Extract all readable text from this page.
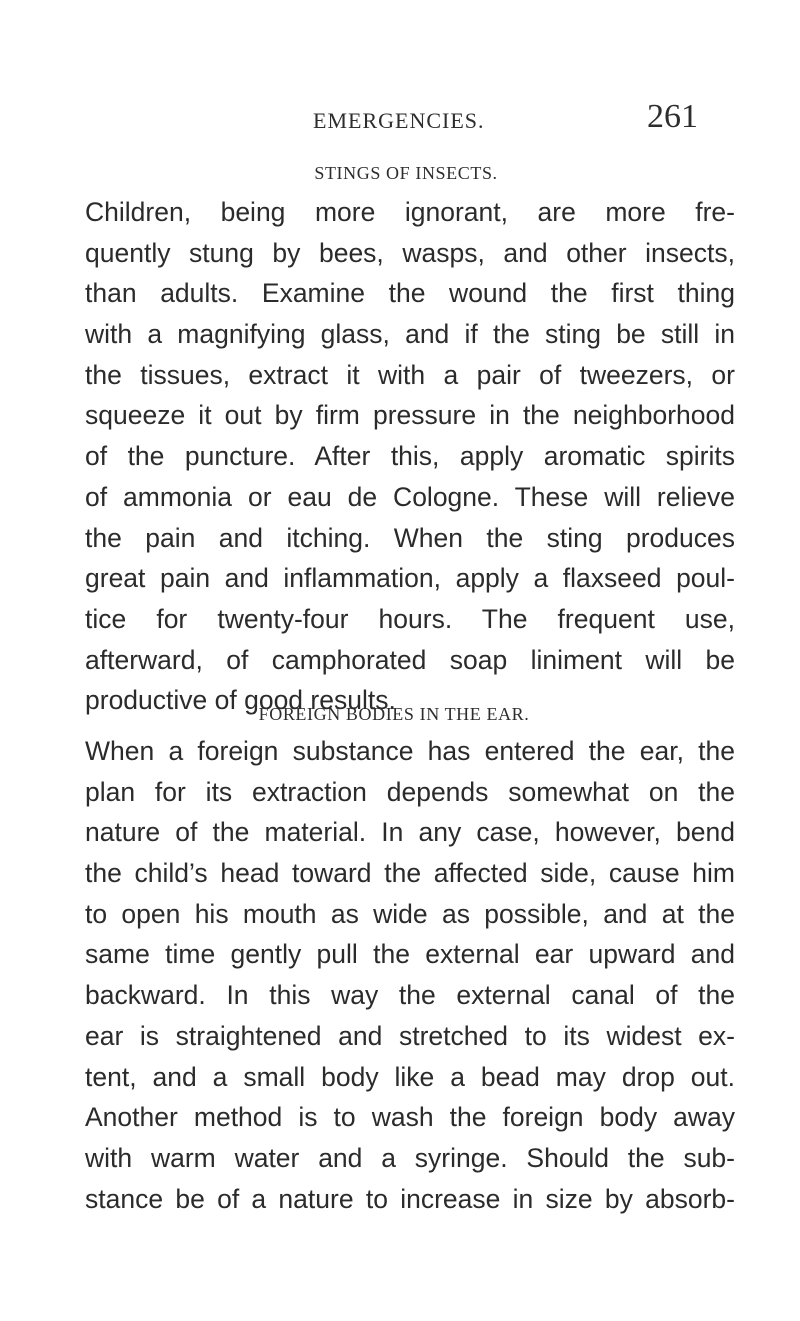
EMERGENCIES.	261
STINGS OF INSECTS.
Children, being more ignorant, are more fre-
quently stung by bees, wasps, and other insects,
than adults. Examine the wound the first thing
with a magnifying glass, and if the sting be still in
the tissues, extract it with a pair of tweezers, or
squeeze it out by firm pressure in the neighborhood
of the puncture. After this, apply aromatic spirits
of ammonia or eau de Cologne. These will relieve
the pain and itching. When the sting produces
great pain and inflammation, apply a flaxseed poul-
tice for twenty-four hours. The frequent use,
afterward, of camphorated soap liniment will be
productive of good results.
FOREIGN BODIES IN THE EAR.
When a foreign substance has entered the ear, the
plan for its extraction depends somewhat on the
nature of the material. In any case, however, bend
the child’s head toward the affected side, cause him
to open his mouth as wide as possible, and at the
same time gently pull the external ear upward and
backward. In this way the external canal of the
ear is straightened and stretched to its widest ex-
tent, and a small body like a bead may drop out.
Another method is to wash the foreign body away
with warm water and a syringe. Should the sub-
stance be of a nature to increase in size by absorb-
